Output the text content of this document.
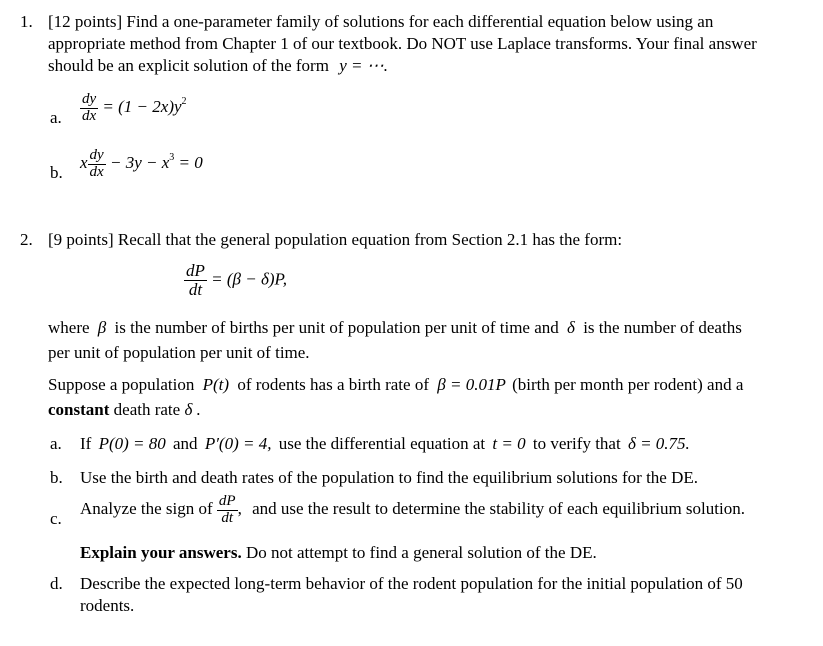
1. [12 points] Find a one-parameter family of solutions for each differential equation below using an
appropriate method from Chapter 1 of our textbook. Do NOT use Laplace transforms. Your final answer
should be an explicit solution of the form y = ⋯.
a. $\frac{dy}{dx} = (1 - 2x)y^2$
b.
x $\frac{dy}{dx} - 3y - x^3 = 0$
2. [9 points] Recall that the general population equation from Section 2.1 has the form:
$\frac{dP}{dt} = (\beta - \delta)P$,
where β is the number of births per unit of population per unit of time and δ is the number of deaths
per unit of population per unit of time.
Suppose a population P(t) of rodents has a birth rate of β = 0.01P (birth per month per rodent) and a
constant death rate δ .
a. If P(0) = 80 and P′(0) = 4, use the differential equation at t = 0 to verify that δ = 0.75.
b. Use the birth and death rates of the population to find the equilibrium solutions for the DE.
c.
Analyze the sign of $\frac{dP}{dt}$ , and use the result to determine the stability of each equilibrium solution.
Explain your answers. Do not attempt to find a general solution of the DE.
d. Describe the expected long-term behavior of the rodent population for the initial population of 50
rodents.
